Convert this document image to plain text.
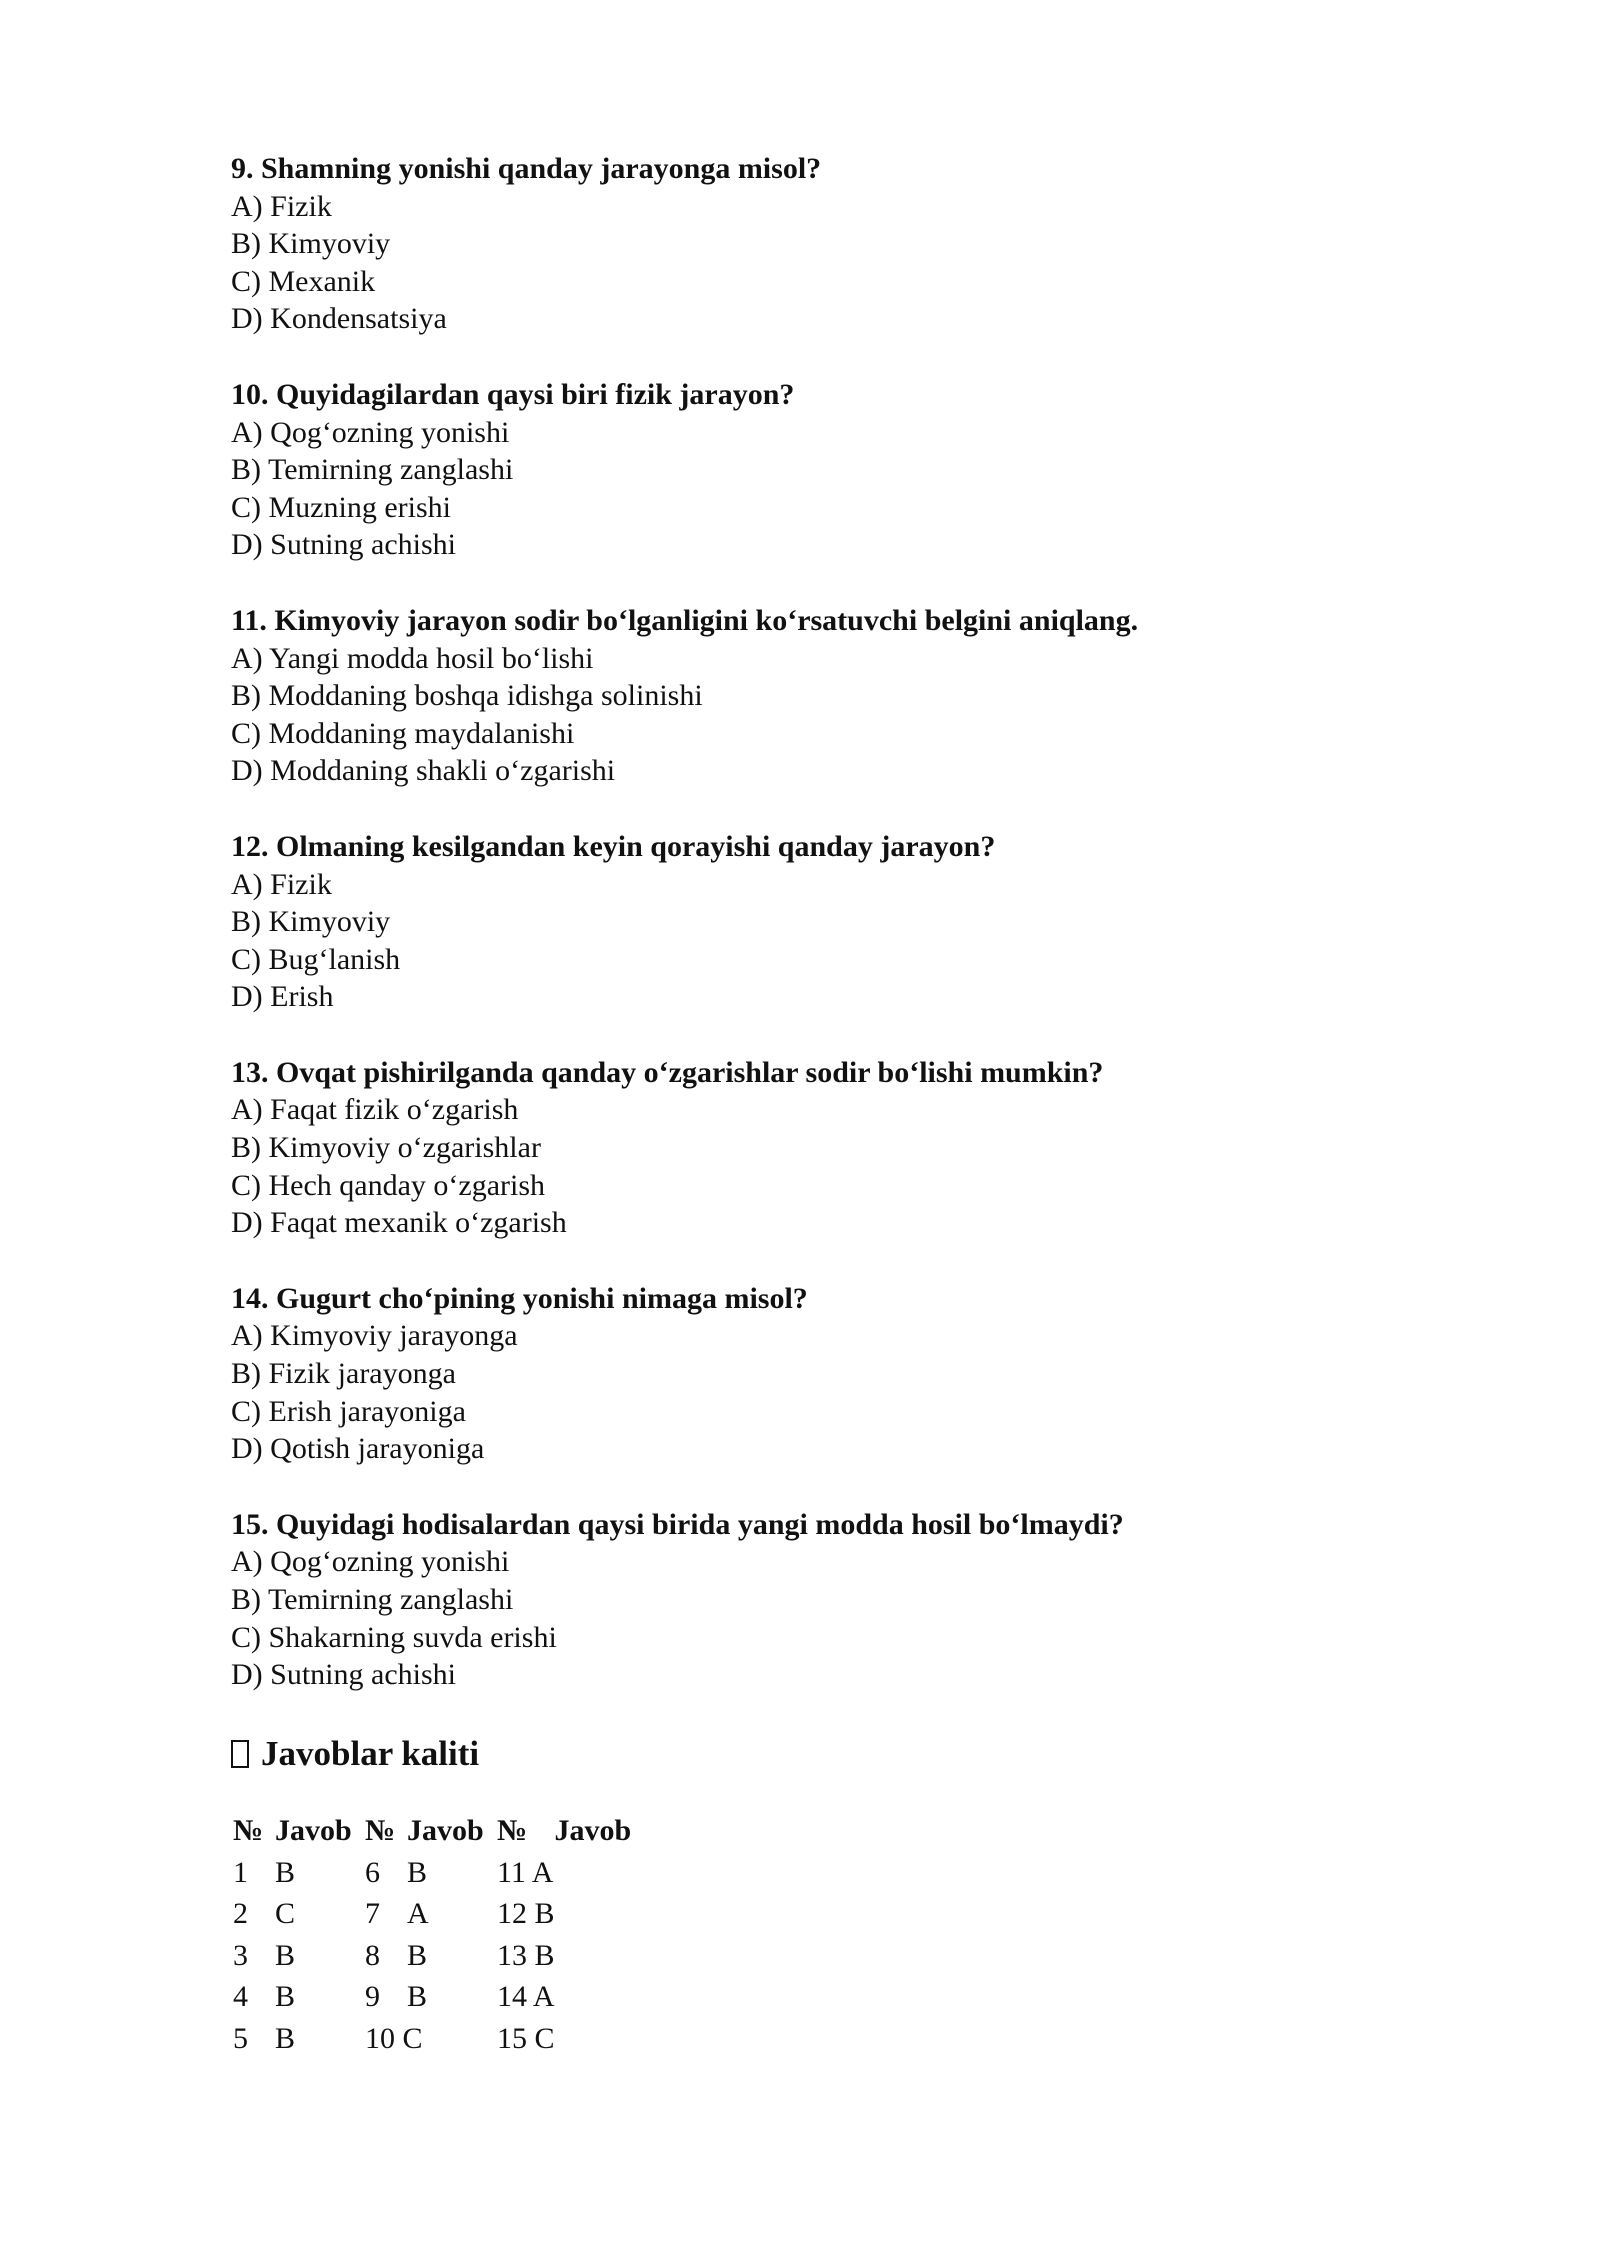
9. Shamning yonishi qanday jarayonga misol?

A) Fizik

B) Kimyoviy

C) Mexanik

D) Kondensatsiya

10. Quyidagilardan qaysi biri fizik jarayon?

A) Qog‘ozning yonishi

B) Temirning zanglashi

C) Muzning erishi

D) Sutning achishi

11. Kimyoviy jarayon sodir bo‘lganligini ko‘rsatuvchi belgini aniqlang.

A) Yangi modda hosil bo‘lishi

B) Moddaning boshqa idishga solinishi

C) Moddaning maydalanishi

D) Moddaning shakli o‘zgarishi

12. Olmaning kesilgandan keyin qorayishi qanday jarayon?

A) Fizik

B) Kimyoviy

C) Bug‘lanish

D) Erish

13. Ovqat pishirilganda qanday o‘zgarishlar sodir bo‘lishi mumkin?

A) Faqat fizik o‘zgarish

B) Kimyoviy o‘zgarishlar

C) Hech qanday o‘zgarish

D) Faqat mexanik o‘zgarish

14. Gugurt cho‘pining yonishi nimaga misol?

A) Kimyoviy jarayonga

B) Fizik jarayonga

C) Erish jarayoniga

D) Qotish jarayoniga

15. Quyidagi hodisalardan qaysi birida yangi modda hosil bo‘lmaydi?

A) Qog‘ozning yonishi

B) Temirning zanglashi

C) Shakarning suvda erishi

D) Sutning achishi

Javoblar kaliti
№	Javob	№	Javob	№	Javob
1	B	6	B	11 A	
2	C	7	A	12 B	
3	B	8	B	13 B	
4	B	9	B	14 A	
5	B	10 C		15 C	
